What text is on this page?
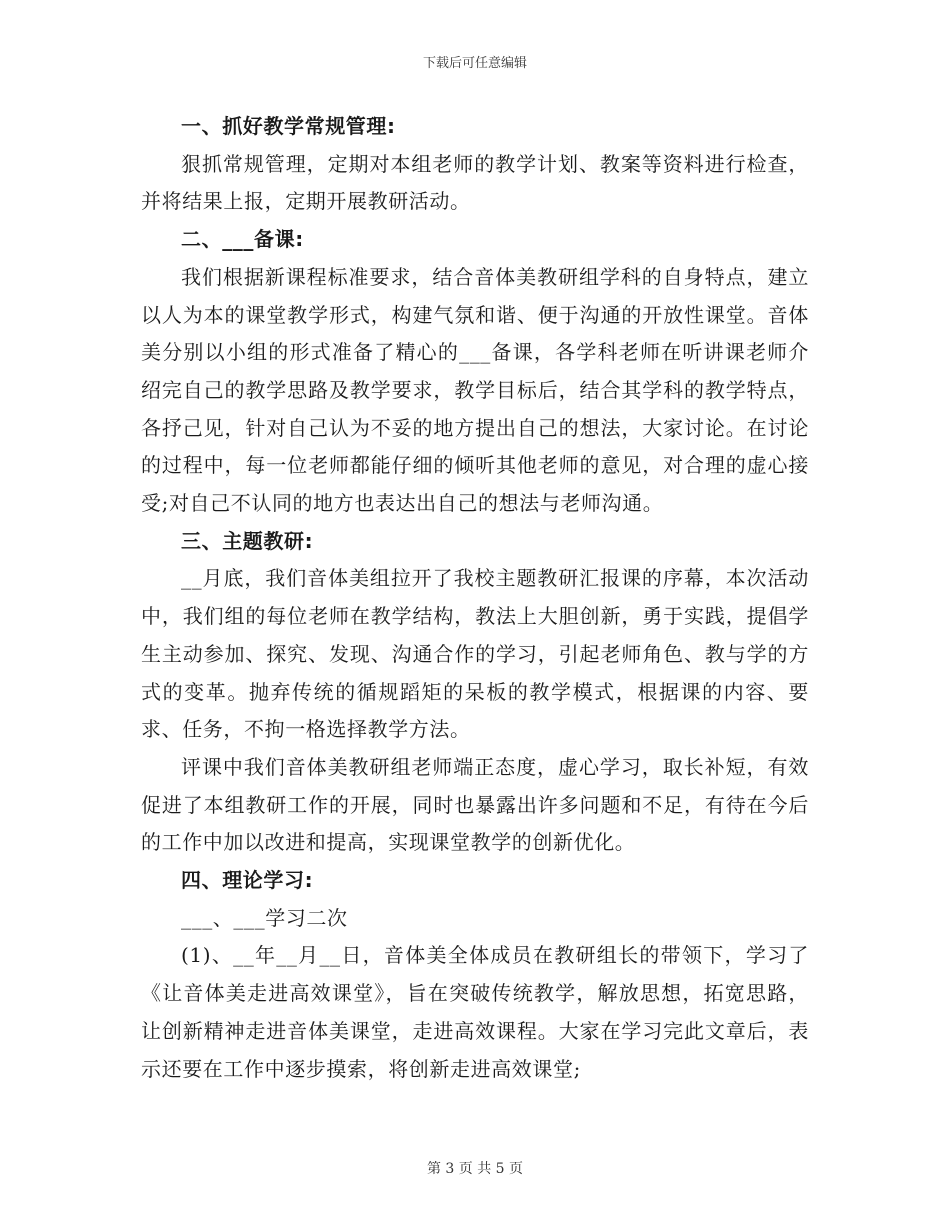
下载后可任意编辑

一、抓好教学常规管理:

狠抓常规管理，定期对本组老师的教学计划、教案等资料进行检查，并将结果上报，定期开展教研活动。

二、___备课:

我们根据新课程标准要求，结合音体美教研组学科的自身特点，建立以人为本的课堂教学形式，构建气氛和谐、便于沟通的开放性课堂。音体美分别以小组的形式准备了精心的___备课，各学科老师在听讲课老师介绍完自己的教学思路及教学要求，教学目标后，结合其学科的教学特点，各抒己见，针对自己认为不妥的地方提出自己的想法，大家讨论。在讨论的过程中，每一位老师都能仔细的倾听其他老师的意见，对合理的虚心接受;对自己不认同的地方也表达出自己的想法与老师沟通。

三、主题教研:

__月底，我们音体美组拉开了我校主题教研汇报课的序幕，本次活动中，我们组的每位老师在教学结构，教法上大胆创新，勇于实践，提倡学生主动参加、探究、发现、沟通合作的学习，引起老师角色、教与学的方式的变革。抛弃传统的循规蹈矩的呆板的教学模式，根据课的内容、要求、任务，不拘一格选择教学方法。

评课中我们音体美教研组老师端正态度，虚心学习，取长补短，有效促进了本组教研工作的开展，同时也暴露出许多问题和不足，有待在今后的工作中加以改进和提高，实现课堂教学的创新优化。

四、理论学习:

___、___学习二次

(1)、__年__月__日，音体美全体成员在教研组长的带领下，学习了《让音体美走进高效课堂》，旨在突破传统教学，解放思想，拓宽思路，让创新精神走进音体美课堂，走进高效课程。大家在学习完此文章后，表示还要在工作中逐步摸索，将创新走进高效课堂;

第 3 页 共 5 页
